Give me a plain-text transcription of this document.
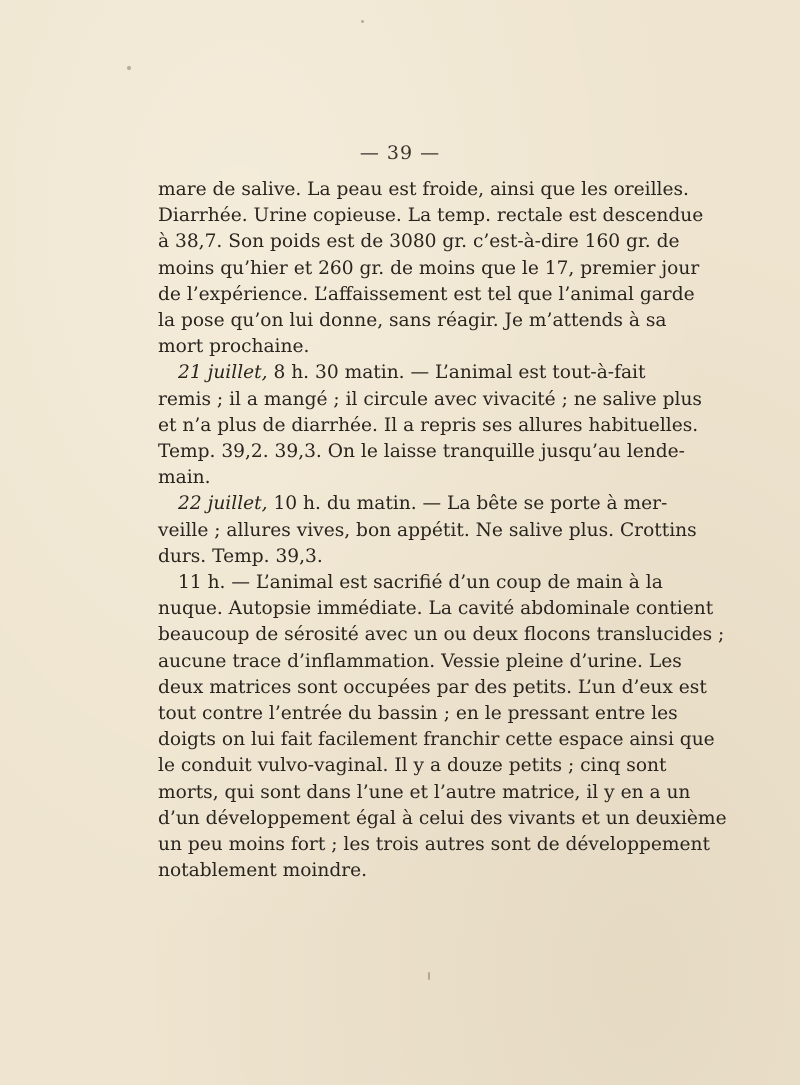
— 39 —
mare de salive. La peau est froide, ainsi que les oreilles.
Diarrhée. Urine copieuse. La temp. rectale est descendue
à 38,7. Son poids est de 3080 gr. c’est-à-dire 160 gr. de
moins qu’hier et 260 gr. de moins que le 17, premier jour
de l’expérience. L’affaissement est tel que l’animal garde
la pose qu’on lui donne, sans réagir. Je m’attends à sa
mort prochaine.
21 juillet, 8 h. 30 matin. — L’animal est tout-à-fait
remis ; il a mangé ; il circule avec vivacité ; ne salive plus
et n’a plus de diarrhée. Il a repris ses allures habituelles.
Temp. 39,2. 39,3. On le laisse tranquille jusqu’au lende-
main.
22 juillet, 10 h. du matin. — La bête se porte à mer-
veille ; allures vives, bon appétit. Ne salive plus. Crottins
durs. Temp. 39,3.
11 h. — L’animal est sacrifié d’un coup de main à la
nuque. Autopsie immédiate. La cavité abdominale contient
beaucoup de sérosité avec un ou deux flocons translucides ;
aucune trace d’inflammation. Vessie pleine d’urine. Les
deux matrices sont occupées par des petits. L’un d’eux est
tout contre l’entrée du bassin ; en le pressant entre les
doigts on lui fait facilement franchir cette espace ainsi que
le conduit vulvo-vaginal. Il y a douze petits ; cinq sont
morts, qui sont dans l’une et l’autre matrice, il y en a un
d’un développement égal à celui des vivants et un deuxième
un peu moins fort ; les trois autres sont de développement
notablement moindre.
